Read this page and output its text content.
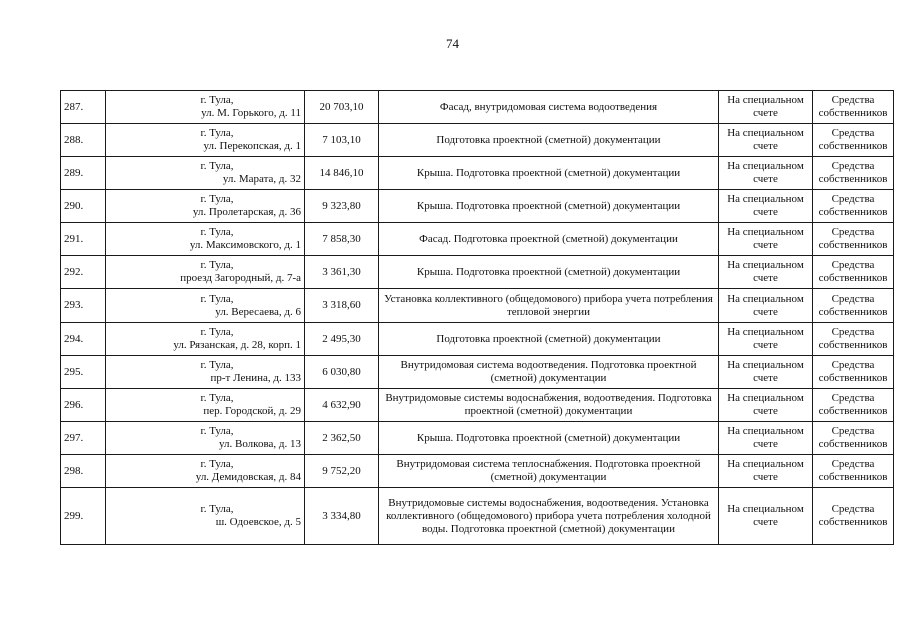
74
287.	г. Тула,
ул. М. Горького, д. 11	20 703,10	Фасад, внутридомовая система водоотведения	На специальном счете	Средства собственников
288.	г. Тула,
ул. Перекопская, д. 1	7 103,10	Подготовка проектной (сметной) документации	На специальном счете	Средства собственников
289.	г. Тула,
ул. Марата, д. 32	14 846,10	Крыша. Подготовка проектной (сметной) документации	На специальном счете	Средства собственников
290.	г. Тула,
ул. Пролетарская, д. 36	9 323,80	Крыша. Подготовка проектной (сметной) документации	На специальном счете	Средства собственников
291.	г. Тула,
ул. Максимовского, д. 1	7 858,30	Фасад. Подготовка проектной (сметной) документации	На специальном счете	Средства собственников
292.	г. Тула,
проезд Загородный, д. 7-а	3 361,30	Крыша. Подготовка проектной (сметной) документации	На специальном счете	Средства собственников
293.	г. Тула,
ул. Вересаева, д. 6	3 318,60	Установка коллективного (общедомового) прибора учета потребления тепловой энергии	На специальном счете	Средства собственников
294.	г. Тула,
ул. Рязанская, д. 28, корп. 1	2 495,30	Подготовка проектной (сметной) документации	На специальном счете	Средства собственников
295.	г. Тула,
пр-т Ленина, д. 133	6 030,80	Внутридомовая система водоотведения. Подготовка проектной (сметной) документации	На специальном счете	Средства собственников
296.	г. Тула,
пер. Городской, д. 29	4 632,90	Внутридомовые системы водоснабжения, водоотведения. Подготовка проектной (сметной) документации	На специальном счете	Средства собственников
297.	г. Тула,
ул. Волкова, д. 13	2 362,50	Крыша. Подготовка проектной (сметной) документации	На специальном счете	Средства собственников
298.	г. Тула,
ул. Демидовская, д. 84	9 752,20	Внутридомовая система теплоснабжения. Подготовка проектной (сметной) документации	На специальном счете	Средства собственников
299.	г. Тула,
ш. Одоевское, д. 5	3 334,80	Внутридомовые системы водоснабжения, водоотведения. Установка коллективного (общедомового) прибора учета потребления холодной воды. Подготовка проектной (сметной) документации	На специальном счете	Средства собственников
